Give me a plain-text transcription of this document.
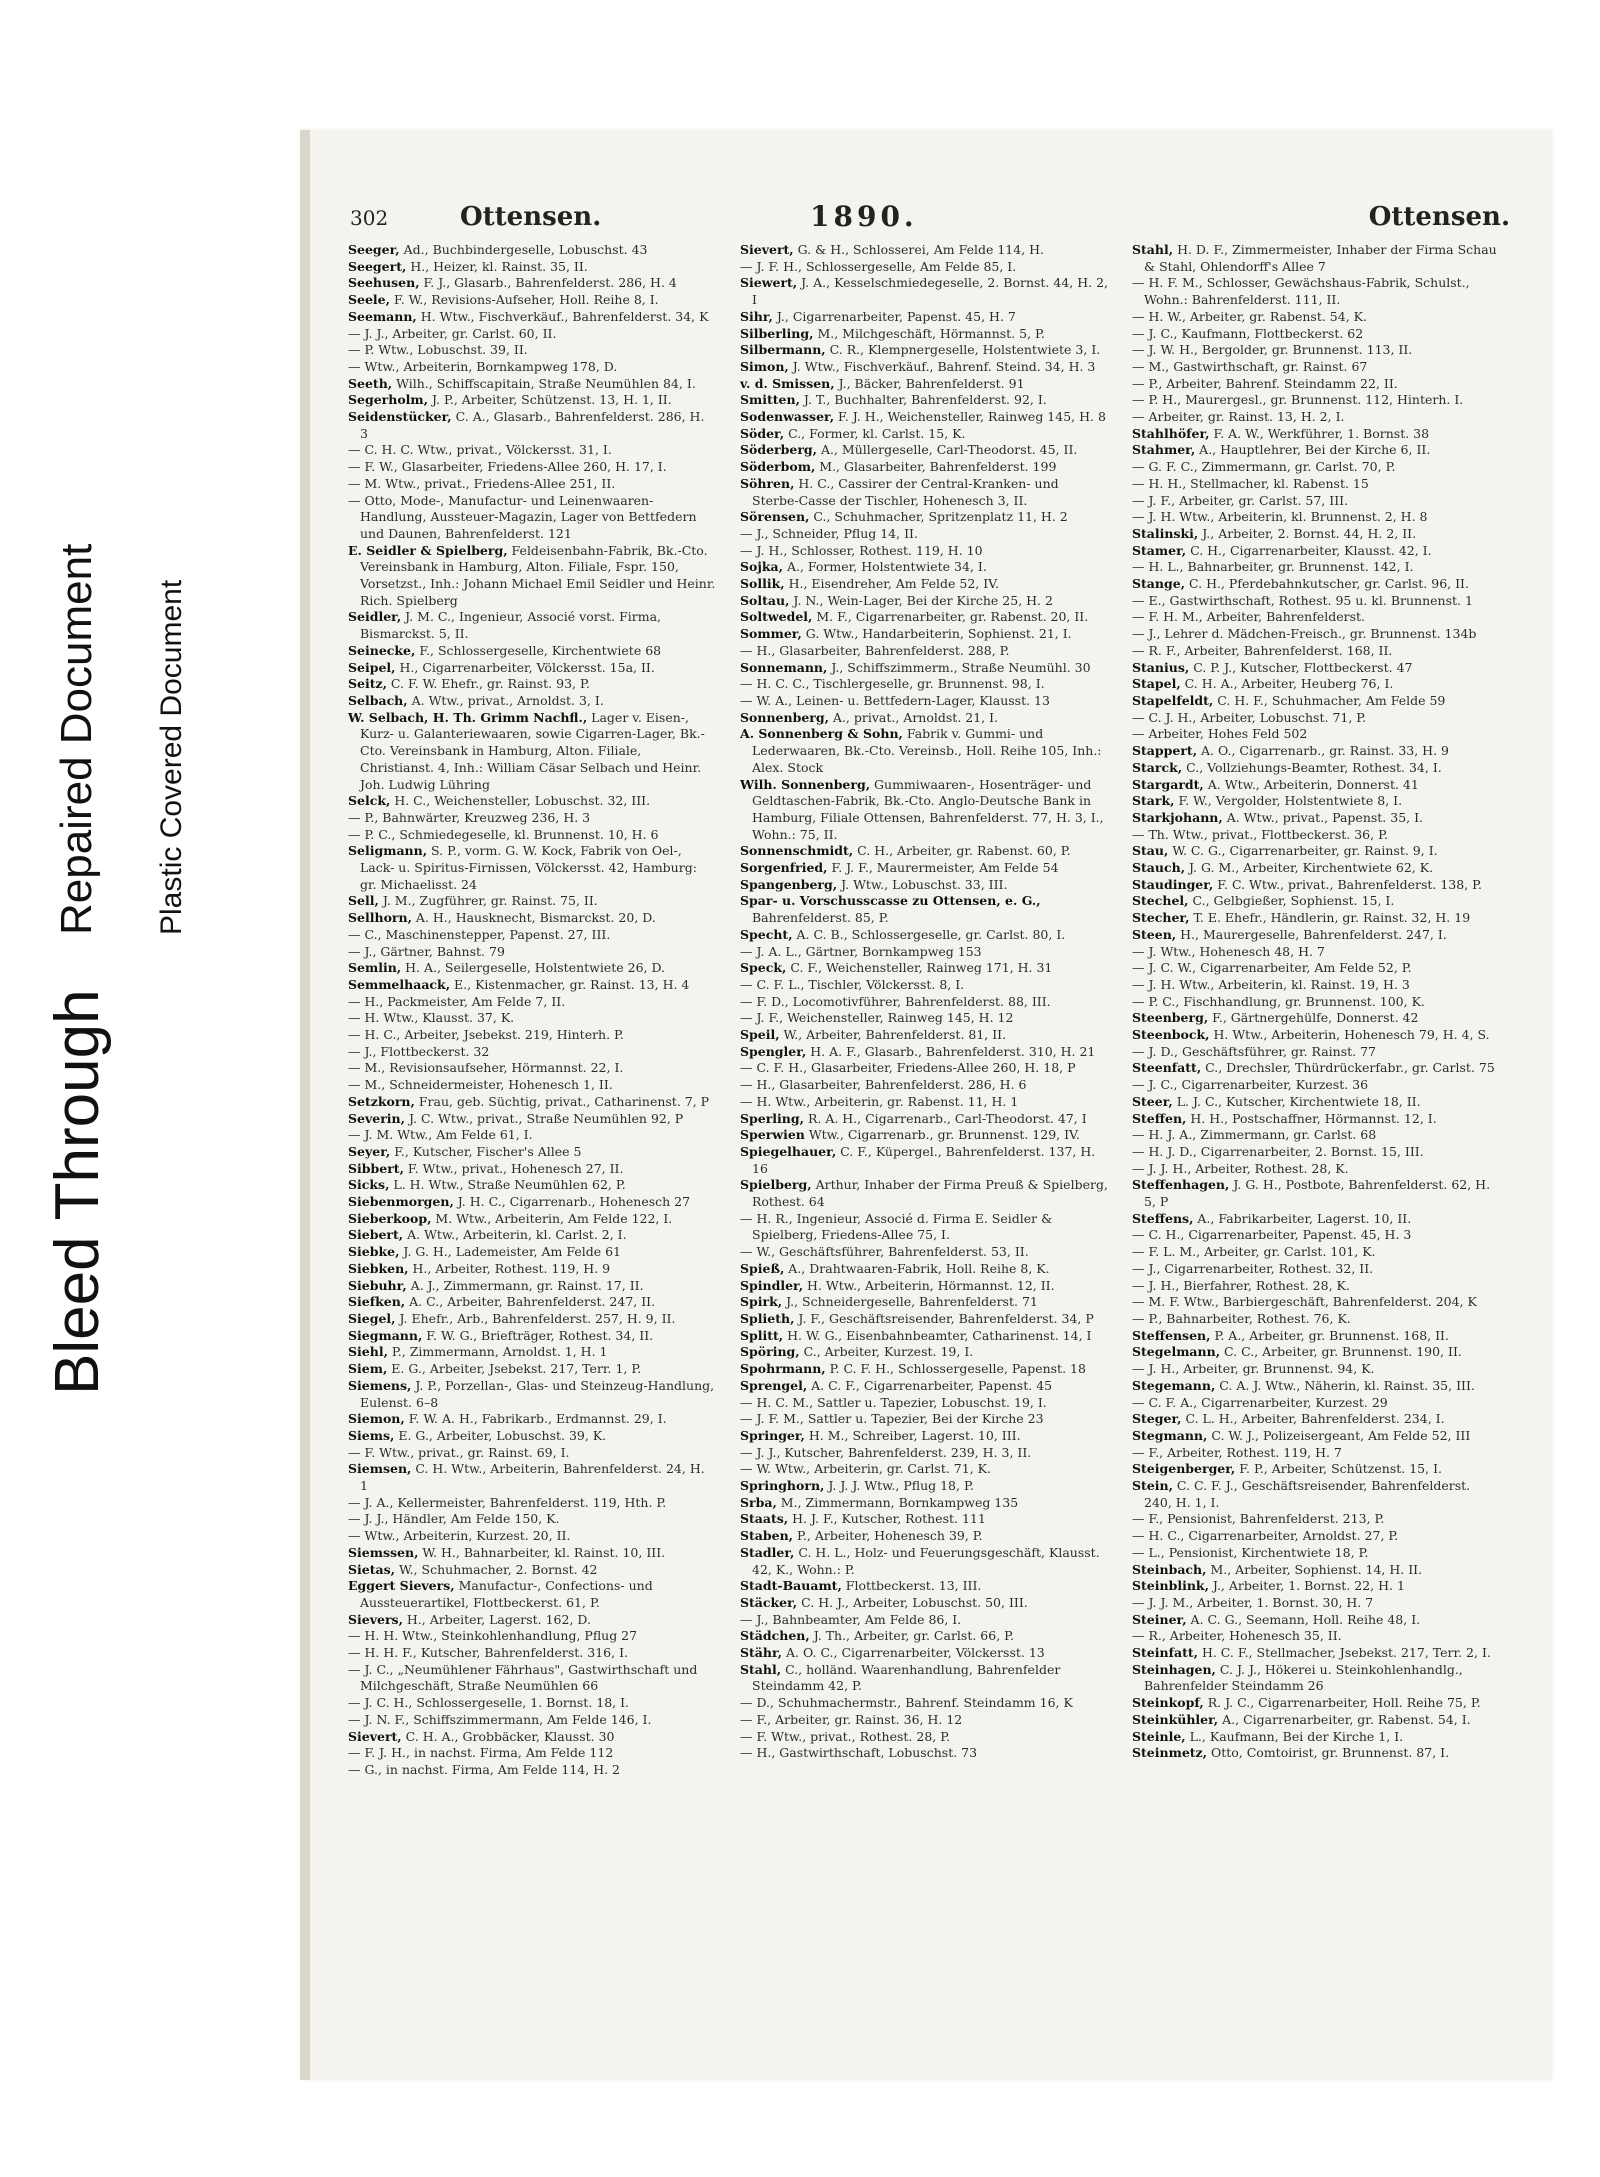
Bleed Through
Repaired Document Plastic Covered Document
302	Ottensen.	1890.	Ottensen.
Seeger, Ad., Buchbindergeselle, Lobuschst. 43
Seegert, H., Heizer, kl. Rainst. 35, II.
Seehusen, F. J., Glasarb., Bahrenfelderst. 286, H. 4
Seele, F. W., Revisions-Aufseher, Holl. Reihe 8, I.
Seemann, H. Wtw., Fischverkäuf., Bahrenfelderst. 34, K
— J. J., Arbeiter, gr. Carlst. 60, II.
— P. Wtw., Lobuschst. 39, II.
— Wtw., Arbeiterin, Bornkampweg 178, D.
Seeth, Wilh., Schiffscapitain, Straße Neumühlen 84, I.
Segerholm, J. P., Arbeiter, Schützenst. 13, H. 1, II.
Seidenstücker, C. A., Glasarb., Bahrenfelderst. 286, H. 3
— C. H. C. Wtw., privat., Völckersst. 31, I.
— F. W., Glasarbeiter, Friedens-Allee 260, H. 17, I.
— M. Wtw., privat., Friedens-Allee 251, II.
— Otto, Mode-, Manufactur- und Leinenwaaren-Handlung, Aussteuer-Magazin, Lager von Bettfedern und Daunen, Bahrenfelderst. 121
E. Seidler & Spielberg, Feldeisenbahn-Fabrik, Bk.-Cto. Vereinsbank in Hamburg, Alton. Filiale, Fspr. 150, Vorsetzst., Inh.: Johann Michael Emil Seidler und Heinr. Rich. Spielberg
Seidler, J. M. C., Ingenieur, Associé vorst. Firma, Bismarckst. 5, II.
Seinecke, F., Schlossergeselle, Kirchentwiete 68
Seipel, H., Cigarrenarbeiter, Völckersst. 15a, II.
Seitz, C. F. W. Ehefr., gr. Rainst. 93, P.
Selbach, A. Wtw., privat., Arnoldst. 3, I.
W. Selbach, H. Th. Grimm Nachfl., Lager v. Eisen-, Kurz- u. Galanteriewaaren, sowie Cigarren-Lager, Bk.-Cto. Vereinsbank in Hamburg, Alton. Filiale, Christianst. 4, Inh.: William Cäsar Selbach und Heinr. Joh. Ludwig Lühring
Selck, H. C., Weichensteller, Lobuschst. 32, III.
— P., Bahnwärter, Kreuzweg 236, H. 3
— P. C., Schmiedegeselle, kl. Brunnenst. 10, H. 6
Seligmann, S. P., vorm. G. W. Kock, Fabrik von Oel-, Lack- u. Spiritus-Firnissen, Völckersst. 42, Hamburg: gr. Michaelisst. 24
Sell, J. M., Zugführer, gr. Rainst. 75, II.
Sellhorn, A. H., Hausknecht, Bismarckst. 20, D.
— C., Maschinenstepper, Papenst. 27, III.
— J., Gärtner, Bahnst. 79
Semlin, H. A., Seilergeselle, Holstentwiete 26, D.
Semmelhaack, E., Kistenmacher, gr. Rainst. 13, H. 4
— H., Packmeister, Am Felde 7, II.
— H. Wtw., Klausst. 37, K.
— H. C., Arbeiter, Jsebekst. 219, Hinterh. P.
— J., Flottbeckerst. 32
— M., Revisionsaufseher, Hörmannst. 22, I.
— M., Schneidermeister, Hohenesch 1, II.
Setzkorn, Frau, geb. Süchtig, privat., Catharinenst. 7, P
Severin, J. C. Wtw., privat., Straße Neumühlen 92, P
— J. M. Wtw., Am Felde 61, I.
Seyer, F., Kutscher, Fischer's Allee 5
Sibbert, F. Wtw., privat., Hohenesch 27, II.
Sicks, L. H. Wtw., Straße Neumühlen 62, P.
Siebenmorgen, J. H. C., Cigarrenarb., Hohenesch 27
Sieberkoop, M. Wtw., Arbeiterin, Am Felde 122, I.
Siebert, A. Wtw., Arbeiterin, kl. Carlst. 2, I.
Siebke, J. G. H., Lademeister, Am Felde 61
Siebken, H., Arbeiter, Rothest. 119, H. 9
Siebuhr, A. J., Zimmermann, gr. Rainst. 17, II.
Siefken, A. C., Arbeiter, Bahrenfelderst. 247, II.
Siegel, J. Ehefr., Arb., Bahrenfelderst. 257, H. 9, II.
Siegmann, F. W. G., Briefträger, Rothest. 34, II.
Siehl, P., Zimmermann, Arnoldst. 1, H. 1
Siem, E. G., Arbeiter, Jsebekst. 217, Terr. 1, P.
Siemens, J. P., Porzellan-, Glas- und Steinzeug-Handlung, Eulenst. 6–8
Siemon, F. W. A. H., Fabrikarb., Erdmannst. 29, I.
Siems, E. G., Arbeiter, Lobuschst. 39, K.
— F. Wtw., privat., gr. Rainst. 69, I.
Siemsen, C. H. Wtw., Arbeiterin, Bahrenfelderst. 24, H. 1
— J. A., Kellermeister, Bahrenfelderst. 119, Hth. P.
— J. J., Händler, Am Felde 150, K.
— Wtw., Arbeiterin, Kurzest. 20, II.
Siemssen, W. H., Bahnarbeiter, kl. Rainst. 10, III.
Sietas, W., Schuhmacher, 2. Bornst. 42
Eggert Sievers, Manufactur-, Confections- und Aussteuerartikel, Flottbeckerst. 61, P.
Sievers, H., Arbeiter, Lagerst. 162, D.
— H. H. Wtw., Steinkohlenhandlung, Pflug 27
— H. H. F., Kutscher, Bahrenfelderst. 316, I.
— J. C., „Neumühlener Fährhaus", Gastwirthschaft und Milchgeschäft, Straße Neumühlen 66
— J. C. H., Schlossergeselle, 1. Bornst. 18, I.
— J. N. F., Schiffszimmermann, Am Felde 146, I.
Sievert, C. H. A., Grobbäcker, Klausst. 30
— F. J. H., in nachst. Firma, Am Felde 112
— G., in nachst. Firma, Am Felde 114, H. 2
Sievert, G. & H., Schlosserei, Am Felde 114, H.
— J. F. H., Schlossergeselle, Am Felde 85, I.
Siewert, J. A., Kesselschmiedegeselle, 2. Bornst. 44, H. 2, I
Sihr, J., Cigarrenarbeiter, Papenst. 45, H. 7
Silberling, M., Milchgeschäft, Hörmannst. 5, P.
Silbermann, C. R., Klempnergeselle, Holstentwiete 3, I.
Simon, J. Wtw., Fischverkäuf., Bahrenf. Steind. 34, H. 3
v. d. Smissen, J., Bäcker, Bahrenfelderst. 91
Smitten, J. T., Buchhalter, Bahrenfelderst. 92, I.
Sodenwasser, F. J. H., Weichensteller, Rainweg 145, H. 8
Söder, C., Former, kl. Carlst. 15, K.
Söderberg, A., Müllergeselle, Carl-Theodorst. 45, II.
Söderbom, M., Glasarbeiter, Bahrenfelderst. 199
Söhren, H. C., Cassirer der Central-Kranken- und Sterbe-Casse der Tischler, Hohenesch 3, II.
Sörensen, C., Schuhmacher, Spritzenplatz 11, H. 2
— J., Schneider, Pflug 14, II.
— J. H., Schlosser, Rothest. 119, H. 10
Sojka, A., Former, Holstentwiete 34, I.
Sollik, H., Eisendreher, Am Felde 52, IV.
Soltau, J. N., Wein-Lager, Bei der Kirche 25, H. 2
Soltwedel, M. F., Cigarrenarbeiter, gr. Rabenst. 20, II.
Sommer, G. Wtw., Handarbeiterin, Sophienst. 21, I.
— H., Glasarbeiter, Bahrenfelderst. 288, P.
Sonnemann, J., Schiffszimmerm., Straße Neumühl. 30
— H. C. C., Tischlergeselle, gr. Brunnenst. 98, I.
— W. A., Leinen- u. Bettfedern-Lager, Klausst. 13
Sonnenberg, A., privat., Arnoldst. 21, I.
A. Sonnenberg & Sohn, Fabrik v. Gummi- und Lederwaaren, Bk.-Cto. Vereinsb., Holl. Reihe 105, Inh.: Alex. Stock
Wilh. Sonnenberg, Gummiwaaren-, Hosenträger- und Geldtaschen-Fabrik, Bk.-Cto. Anglo-Deutsche Bank in Hamburg, Filiale Ottensen, Bahrenfelderst. 77, H. 3, I., Wohn.: 75, II.
Sonnenschmidt, C. H., Arbeiter, gr. Rabenst. 60, P.
Sorgenfried, F. J. F., Maurermeister, Am Felde 54
Spangenberg, J. Wtw., Lobuschst. 33, III.
Spar- u. Vorschusscasse zu Ottensen, e. G., Bahrenfelderst. 85, P.
Specht, A. C. B., Schlossergeselle, gr. Carlst. 80, I.
— J. A. L., Gärtner, Bornkampweg 153
Speck, C. F., Weichensteller, Rainweg 171, H. 31
— C. F. L., Tischler, Völckersst. 8, I.
— F. D., Locomotivführer, Bahrenfelderst. 88, III.
— J. F., Weichensteller, Rainweg 145, H. 12
Speil, W., Arbeiter, Bahrenfelderst. 81, II.
Spengler, H. A. F., Glasarb., Bahrenfelderst. 310, H. 21
— C. F. H., Glasarbeiter, Friedens-Allee 260, H. 18, P
— H., Glasarbeiter, Bahrenfelderst. 286, H. 6
— H. Wtw., Arbeiterin, gr. Rabenst. 11, H. 1
Sperling, R. A. H., Cigarrenarb., Carl-Theodorst. 47, I
Sperwien Wtw., Cigarrenarb., gr. Brunnenst. 129, IV.
Spiegelhauer, C. F., Küpergel., Bahrenfelderst. 137, H. 16
Spielberg, Arthur, Inhaber der Firma Preuß & Spielberg, Rothest. 64
— H. R., Ingenieur, Associé d. Firma E. Seidler & Spielberg, Friedens-Allee 75, I.
— W., Geschäftsführer, Bahrenfelderst. 53, II.
Spieß, A., Drahtwaaren-Fabrik, Holl. Reihe 8, K.
Spindler, H. Wtw., Arbeiterin, Hörmannst. 12, II.
Spirk, J., Schneidergeselle, Bahrenfelderst. 71
Splieth, J. F., Geschäftsreisender, Bahrenfelderst. 34, P
Splitt, H. W. G., Eisenbahnbeamter, Catharinenst. 14, I
Spöring, C., Arbeiter, Kurzest. 19, I.
Spohrmann, P. C. F. H., Schlossergeselle, Papenst. 18
Sprengel, A. C. F., Cigarrenarbeiter, Papenst. 45
— H. C. M., Sattler u. Tapezier, Lobuschst. 19, I.
— J. F. M., Sattler u. Tapezier, Bei der Kirche 23
Springer, H. M., Schreiber, Lagerst. 10, III.
— J. J., Kutscher, Bahrenfelderst. 239, H. 3, II.
— W. Wtw., Arbeiterin, gr. Carlst. 71, K.
Springhorn, J. J. J. Wtw., Pflug 18, P.
Srba, M., Zimmermann, Bornkampweg 135
Staats, H. J. F., Kutscher, Rothest. 111
Staben, P., Arbeiter, Hohenesch 39, P.
Stadler, C. H. L., Holz- und Feuerungsgeschäft, Klausst. 42, K., Wohn.: P.
Stadt-Bauamt, Flottbeckerst. 13, III.
Stäcker, C. H. J., Arbeiter, Lobuschst. 50, III.
— J., Bahnbeamter, Am Felde 86, I.
Städchen, J. Th., Arbeiter, gr. Carlst. 66, P.
Stähr, A. O. C., Cigarrenarbeiter, Völckersst. 13
Stahl, C., holländ. Waarenhandlung, Bahrenfelder Steindamm 42, P.
— D., Schuhmachermstr., Bahrenf. Steindamm 16, K
— F., Arbeiter, gr. Rainst. 36, H. 12
— F. Wtw., privat., Rothest. 28, P.
— H., Gastwirthschaft, Lobuschst. 73
Stahl, H. D. F., Zimmermeister, Inhaber der Firma Schau & Stahl, Ohlendorff's Allee 7
— H. F. M., Schlosser, Gewächshaus-Fabrik, Schulst., Wohn.: Bahrenfelderst. 111, II.
— H. W., Arbeiter, gr. Rabenst. 54, K.
— J. C., Kaufmann, Flottbeckerst. 62
— J. W. H., Bergolder, gr. Brunnenst. 113, II.
— M., Gastwirthschaft, gr. Rainst. 67
— P., Arbeiter, Bahrenf. Steindamm 22, II.
— P. H., Maurergesl., gr. Brunnenst. 112, Hinterh. I.
— Arbeiter, gr. Rainst. 13, H. 2, I.
Stahlhöfer, F. A. W., Werkführer, 1. Bornst. 38
Stahmer, A., Hauptlehrer, Bei der Kirche 6, II.
— G. F. C., Zimmermann, gr. Carlst. 70, P.
— H. H., Stellmacher, kl. Rabenst. 15
— J. F., Arbeiter, gr. Carlst. 57, III.
— J. H. Wtw., Arbeiterin, kl. Brunnenst. 2, H. 8
Stalinski, J., Arbeiter, 2. Bornst. 44, H. 2, II.
Stamer, C. H., Cigarrenarbeiter, Klausst. 42, I.
— H. L., Bahnarbeiter, gr. Brunnenst. 142, I.
Stange, C. H., Pferdebahnkutscher, gr. Carlst. 96, II.
— E., Gastwirthschaft, Rothest. 95 u. kl. Brunnenst. 1
— F. H. M., Arbeiter, Bahrenfelderst.
— J., Lehrer d. Mädchen-Freisch., gr. Brunnenst. 134b
— R. F., Arbeiter, Bahrenfelderst. 168, II.
Stanius, C. P. J., Kutscher, Flottbeckerst. 47
Stapel, C. H. A., Arbeiter, Heuberg 76, I.
Stapelfeldt, C. H. F., Schuhmacher, Am Felde 59
— C. J. H., Arbeiter, Lobuschst. 71, P.
— Arbeiter, Hohes Feld 502
Stappert, A. O., Cigarrenarb., gr. Rainst. 33, H. 9
Starck, C., Vollziehungs-Beamter, Rothest. 34, I.
Stargardt, A. Wtw., Arbeiterin, Donnerst. 41
Stark, F. W., Vergolder, Holstentwiete 8, I.
Starkjohann, A. Wtw., privat., Papenst. 35, I.
— Th. Wtw., privat., Flottbeckerst. 36, P.
Stau, W. C. G., Cigarrenarbeiter, gr. Rainst. 9, I.
Stauch, J. G. M., Arbeiter, Kirchentwiete 62, K.
Staudinger, F. C. Wtw., privat., Bahrenfelderst. 138, P.
Stechel, C., Gelbgießer, Sophienst. 15, I.
Stecher, T. E. Ehefr., Händlerin, gr. Rainst. 32, H. 19
Steen, H., Maurergeselle, Bahrenfelderst. 247, I.
— J. Wtw., Hohenesch 48, H. 7
— J. C. W., Cigarrenarbeiter, Am Felde 52, P.
— J. H. Wtw., Arbeiterin, kl. Rainst. 19, H. 3
— P. C., Fischhandlung, gr. Brunnenst. 100, K.
Steenberg, F., Gärtnergehülfe, Donnerst. 42
Steenbock, H. Wtw., Arbeiterin, Hohenesch 79, H. 4, S.
— J. D., Geschäftsführer, gr. Rainst. 77
Steenfatt, C., Drechsler, Thürdrückerfabr., gr. Carlst. 75
— J. C., Cigarrenarbeiter, Kurzest. 36
Steer, L. J. C., Kutscher, Kirchentwiete 18, II.
Steffen, H. H., Postschaffner, Hörmannst. 12, I.
— H. J. A., Zimmermann, gr. Carlst. 68
— H. J. D., Cigarrenarbeiter, 2. Bornst. 15, III.
— J. J. H., Arbeiter, Rothest. 28, K.
Steffenhagen, J. G. H., Postbote, Bahrenfelderst. 62, H. 5, P
Steffens, A., Fabrikarbeiter, Lagerst. 10, II.
— C. H., Cigarrenarbeiter, Papenst. 45, H. 3
— F. L. M., Arbeiter, gr. Carlst. 101, K.
— J., Cigarrenarbeiter, Rothest. 32, II.
— J. H., Bierfahrer, Rothest. 28, K.
— M. F. Wtw., Barbiergeschäft, Bahrenfelderst. 204, K
— P., Bahnarbeiter, Rothest. 76, K.
Steffensen, P. A., Arbeiter, gr. Brunnenst. 168, II.
Stegelmann, C. C., Arbeiter, gr. Brunnenst. 190, II.
— J. H., Arbeiter, gr. Brunnenst. 94, K.
Stegemann, C. A. J. Wtw., Näherin, kl. Rainst. 35, III.
— C. F. A., Cigarrenarbeiter, Kurzest. 29
Steger, C. L. H., Arbeiter, Bahrenfelderst. 234, I.
Stegmann, C. W. J., Polizeisergeant, Am Felde 52, III
— F., Arbeiter, Rothest. 119, H. 7
Steigenberger, F. P., Arbeiter, Schützenst. 15, I.
Stein, C. C. F. J., Geschäftsreisender, Bahrenfelderst. 240, H. 1, I.
— F., Pensionist, Bahrenfelderst. 213, P.
— H. C., Cigarrenarbeiter, Arnoldst. 27, P.
— L., Pensionist, Kirchentwiete 18, P.
Steinbach, M., Arbeiter, Sophienst. 14, H. II.
Steinblink, J., Arbeiter, 1. Bornst. 22, H. 1
— J. J. M., Arbeiter, 1. Bornst. 30, H. 7
Steiner, A. C. G., Seemann, Holl. Reihe 48, I.
— R., Arbeiter, Hohenesch 35, II.
Steinfatt, H. C. F., Stellmacher, Jsebekst. 217, Terr. 2, I.
Steinhagen, C. J. J., Hökerei u. Steinkohlenhandlg., Bahrenfelder Steindamm 26
Steinkopf, R. J. C., Cigarrenarbeiter, Holl. Reihe 75, P.
Steinkühler, A., Cigarrenarbeiter, gr. Rabenst. 54, I.
Steinle, L., Kaufmann, Bei der Kirche 1, I.
Steinmetz, Otto, Comtoirist, gr. Brunnenst. 87, I.
